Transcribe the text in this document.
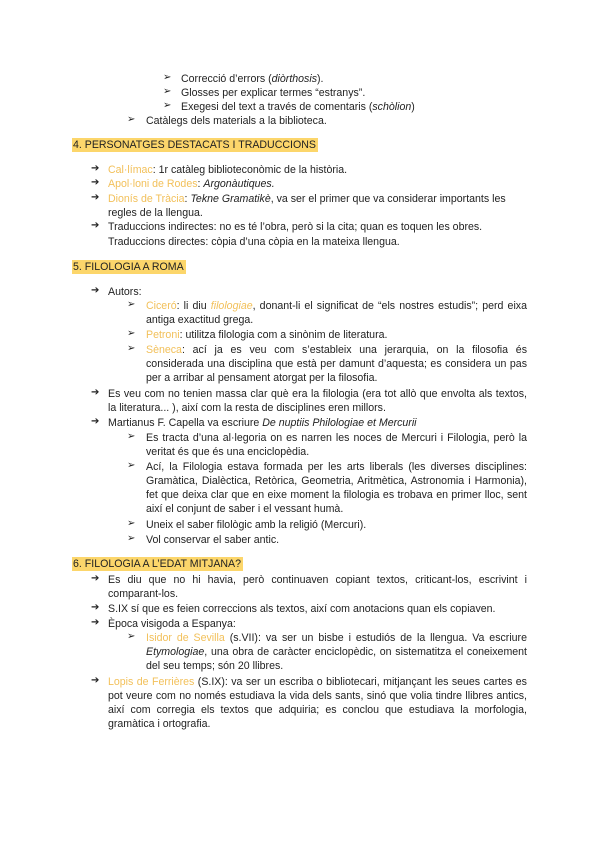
➢ Correcció d’errors (diòrthosis).
➢ Glosses per explicar termes “estranys”.
➢ Exegesi del text a través de comentaris (schòlion)
➢ Catàlegs dels materials a la biblioteca.
4. PERSONATGES DESTACATS I TRADUCCIONS
➔ Cal·límac: 1r catàleg biblioteconòmic de la història.
➔ Apol·loni de Rodes: Argonàutiques.
➔ Dionís de Tràcia: Tekne Gramatikè, va ser el primer que va considerar importants les
regles de la llengua.
➔ Traduccions indirectes: no es té l’obra, però si la cita; quan es toquen les obres.
Traduccions directes: còpia d’una còpia en la mateixa llengua.
5. FILOLOGIA A ROMA
➔ Autors:
➢ Ciceró: li diu filologiae, donant-li el significat de “els nostres estudis”; perd eixa antiga exactitud grega.
➢ Petroni: utilitza filologia com a sinònim de literatura.
➢ Sèneca: ací ja es veu com s’estableix una jerarquia, on la filosofia és considerada una disciplina que està per damunt d’aquesta; es considera un pas per a arribar al pensament atorgat per la filosofia.
➔ Es veu com no tenien massa clar què era la filologia (era tot allò que envolta als textos, la literatura... ), així com la resta de disciplines eren millors.
➔ Martianus F. Capella va escriure De nuptiis Philologiae et Mercurii
➢ Es tracta d’una al·legoria on es narren les noces de Mercuri i Filologia, però la veritat és que és una enciclopèdia.
➢ Ací, la Filologia estava formada per les arts liberals (les diverses disciplines: Gramàtica, Dialèctica, Retòrica, Geometria, Aritmètica, Astronomia i Harmonia), fet que deixa clar que en eixe moment la filologia es trobava en primer lloc, sent així el conjunt de saber i el vessant humà.
➢ Uneix el saber filològic amb la religió (Mercuri).
➢ Vol conservar el saber antic.
6. FILOLOGIA A L’EDAT MITJANA?
➔ Es diu que no hi havia, però continuaven copiant textos, criticant-los, escrivint i comparant-los.
➔ S.IX sí que es feien correccions als textos, així com anotacions quan els copiaven.
➔ Època visigoda a Espanya:
➢ Isidor de Sevilla (s.VII): va ser un bisbe i estudiós de la llengua. Va escriure Etymologiae, una obra de caràcter enciclopèdic, on sistematitza el coneixement del seu temps; són 20 llibres.
➔ Lopis de Ferrières (S.IX): va ser un escriba o bibliotecari, mitjançant les seues cartes es pot veure com no només estudiava la vida dels sants, sinó que volia tindre llibres antics, així com corregia els textos que adquiria; es conclou que estudiava la morfologia, gramàtica i ortografia.
